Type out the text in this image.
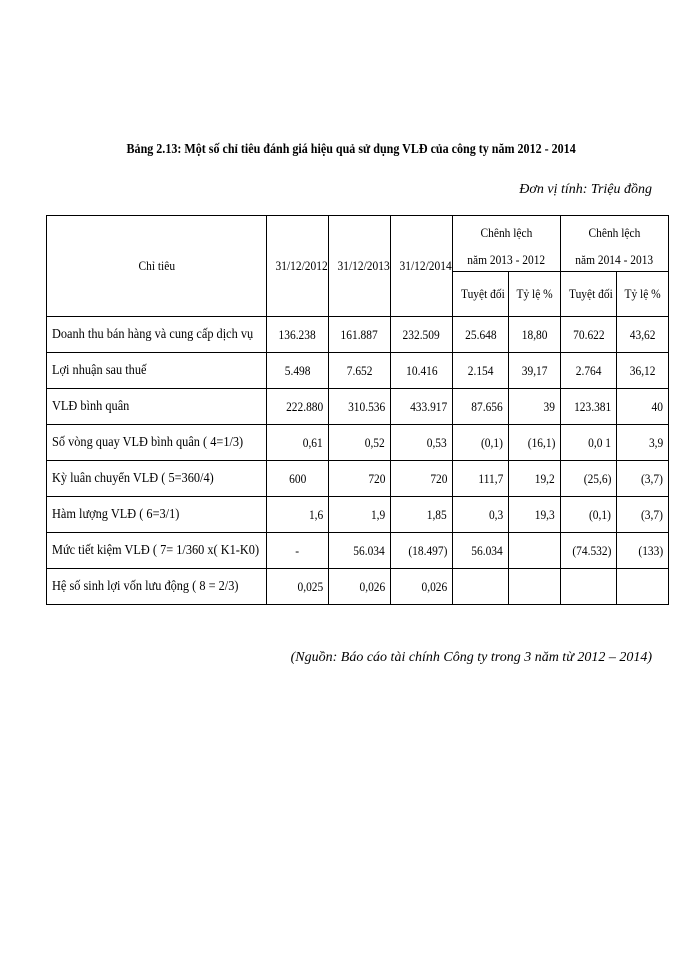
Bảng 2.13: Một số chỉ tiêu đánh giá hiệu quả sử dụng VLĐ của công ty năm 2012 - 2014
Đơn vị tính: Triệu đồng
Chỉ tiêu	31/12/2012	31/12/2013	31/12/2014	Chênh lệch		Chênh lệch	
				năm 2013 - 2012		năm 2014 - 2013	
				Tuyệt đối	Tỷ lệ %	Tuyệt đối	Tỷ lệ %
Doanh thu bán hàng và cung cấp dịch vụ	136.238	161.887	232.509	25.648	18,80	70.622	43,62
Lợi nhuận sau thuế	5.498	7.652	10.416	2.154	39,17	2.764	36,12
VLĐ bình quân	222.880	310.536	433.917	87.656	39	123.381	40
Số vòng quay VLĐ bình quân ( 4=1/3)	0,61	0,52	0,53	(0,1)	(16,1)	0,0 1	3,9
Kỳ luân chuyển VLĐ ( 5=360/4)	600	720	720	111,7	19,2	(25,6)	(3,7)
Hàm lượng VLĐ ( 6=3/1)	1,6	1,9	1,85	0,3	19,3	(0,1)	(3,7)
Mức tiết kiệm VLĐ ( 7= 1/360 x( K1-K0)	-	56.034	(18.497)	56.034		(74.532)	(133)
Hệ số sinh lợi vốn lưu động ( 8 = 2/3)	0,025	0,026	0,026				
(Nguồn: Báo cáo tài chính Công ty trong 3 năm từ 2012 – 2014)
